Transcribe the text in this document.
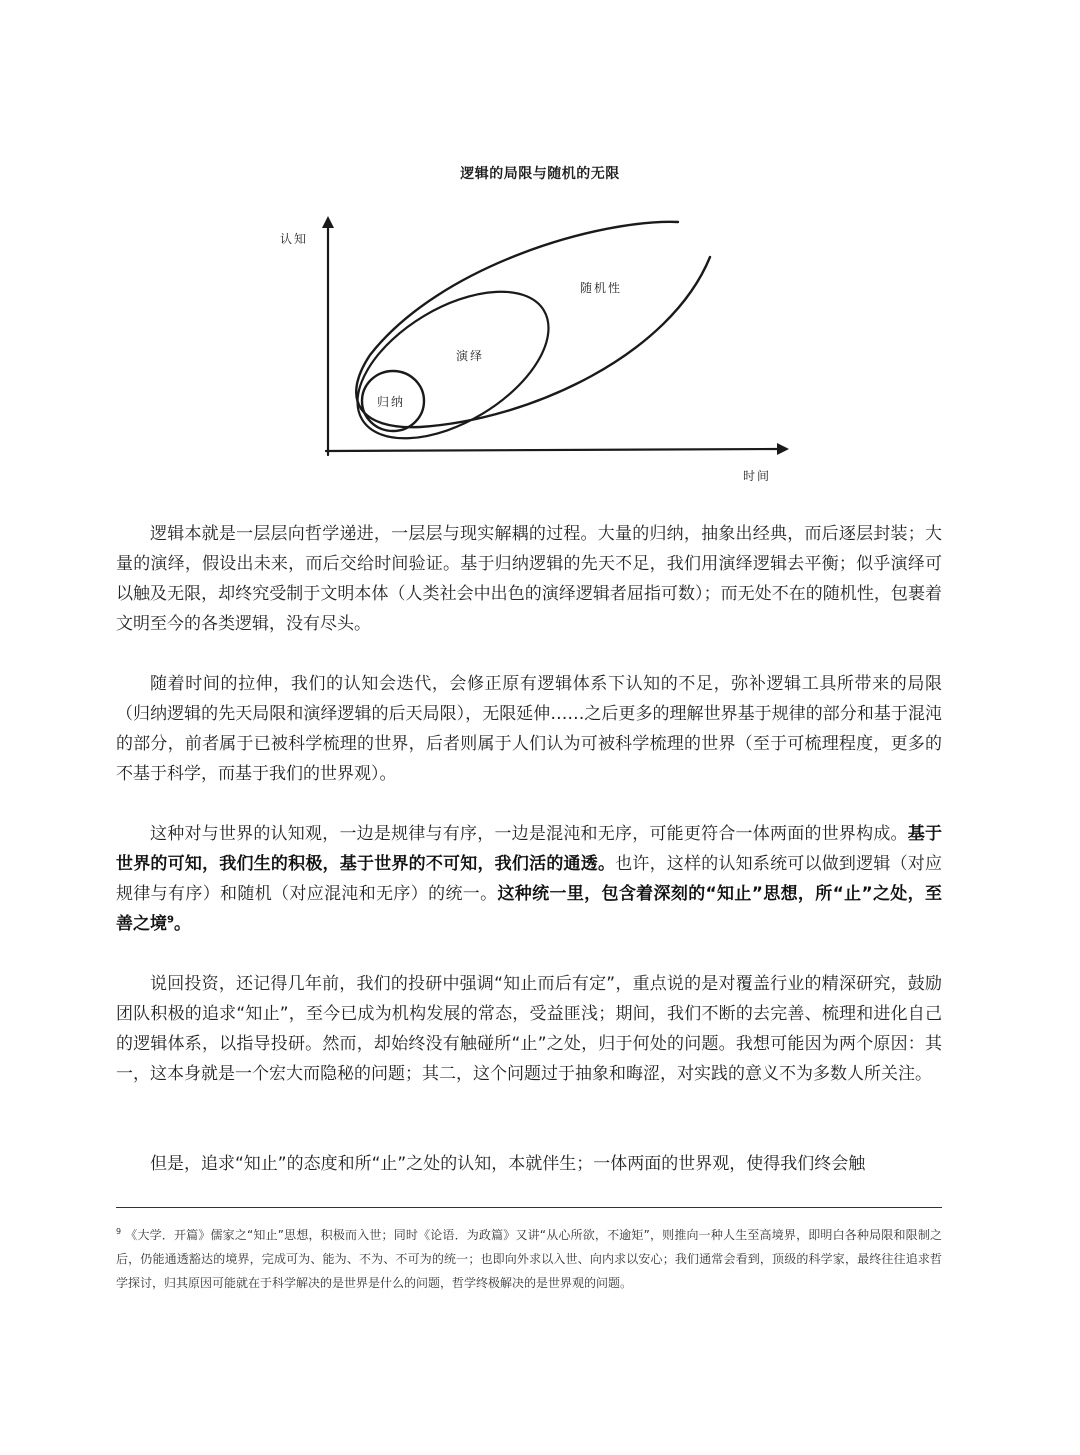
逻辑的局限与随机的无限
认知
时间
随机性
演绎
归纳

逻辑本就是一层层向哲学递进，一层层与现实解耦的过程。大量的归纳，抽象出经典，而后逐层封装；大量的演绎，假设出未来，而后交给时间验证。基于归纳逻辑的先天不足，我们用演绎逻辑去平衡；似乎演绎可以触及无限，却终究受制于文明本体（人类社会中出色的演绎逻辑者屈指可数）；而无处不在的随机性，包裹着文明至今的各类逻辑，没有尽头。

随着时间的拉伸，我们的认知会迭代，会修正原有逻辑体系下认知的不足，弥补逻辑工具所带来的局限（归纳逻辑的先天局限和演绎逻辑的后天局限），无限延伸……之后更多的理解世界基于规律的部分和基于混沌的部分，前者属于已被科学梳理的世界，后者则属于人们认为可被科学梳理的世界（至于可梳理程度，更多的不基于科学，而基于我们的世界观）。

这种对与世界的认知观，一边是规律与有序，一边是混沌和无序，可能更符合一体两面的世界构成。基于世界的可知，我们生的积极，基于世界的不可知，我们活的通透。也许，这样的认知系统可以做到逻辑（对应规律与有序）和随机（对应混沌和无序）的统一。这种统一里，包含着深刻的“知止”思想，所“止”之处，至善之境$^9$。

说回投资，还记得几年前，我们的投研中强调“知止而后有定”，重点说的是对覆盖行业的精深研究，鼓励团队积极的追求“知止”，至今已成为机构发展的常态，受益匪浅；期间，我们不断的去完善、梳理和进化自己的逻辑体系，以指导投研。然而，却始终没有触碰所“止”之处，归于何处的问题。我想可能因为两个原因：其一，这本身就是一个宏大而隐秘的问题；其二，这个问题过于抽象和晦涩，对实践的意义不为多数人所关注。

但是，追求“知止”的态度和所“止”之处的认知，本就伴生；一体两面的世界观，使得我们终会触

$^9$ 《大学．开篇》儒家之“知止”思想，积极而入世；同时《论语．为政篇》又讲“从心所欲，不逾矩”，则推向一种人生至高境界，即明白各种局限和限制之后，仍能通透豁达的境界，完成可为、能为、不为、不可为的统一；也即向外求以入世、向内求以安心；我们通常会看到，顶级的科学家，最终往往追求哲学探讨，归其原因可能就在于科学解决的是世界是什么的问题，哲学终极解决的是世界观的问题。
